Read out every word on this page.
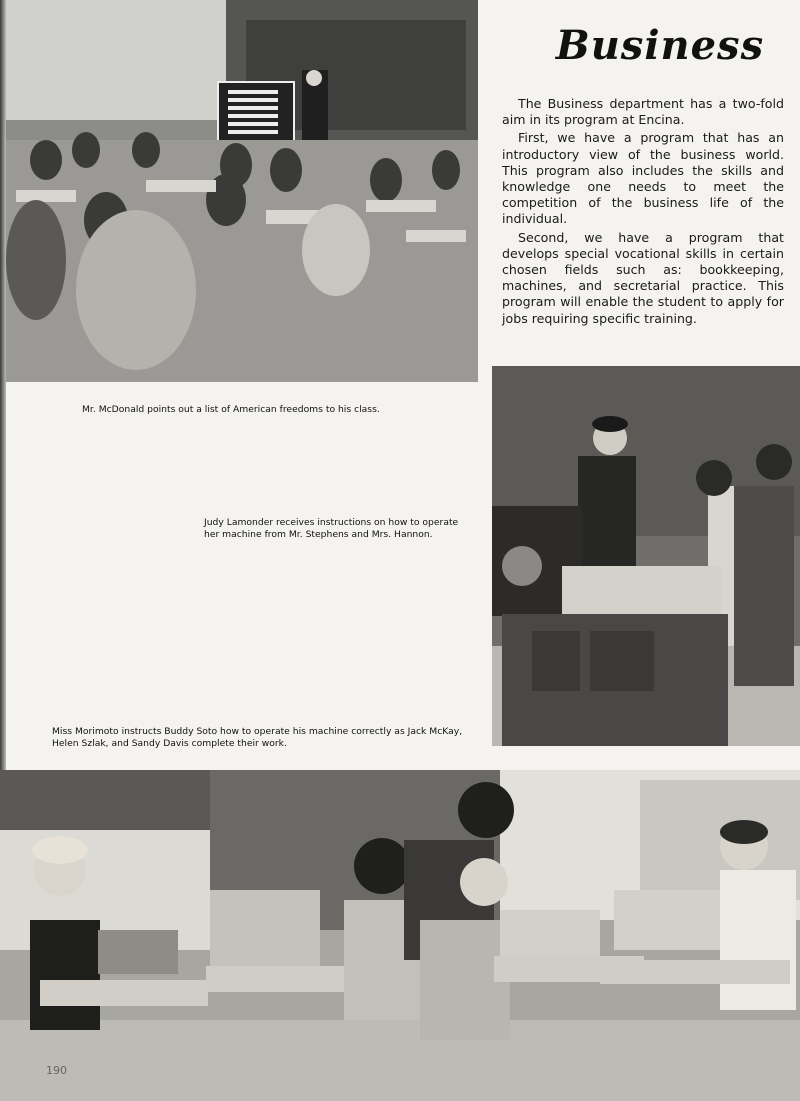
Business

The Business department has a two-fold aim in its program at Encina.

First, we have a program that has an introductory view of the business world. This program also includes the skills and knowledge one needs to meet the competition of the business life of the individual.

Second, we have a program that develops special vocational skills in certain chosen fields such as: bookkeeping, machines, and secretarial practice. This program will enable the student to apply for jobs requiring specific training.

Mr. McDonald points out a list of American freedoms to his class.
Judy Lamonder receives instructions on how to operate her machine from Mr. Stephens and Mrs. Hannon.
Miss Morimoto instructs Buddy Soto how to operate his machine correctly as Jack McKay, Helen Szlak, and Sandy Davis complete their work.
190
